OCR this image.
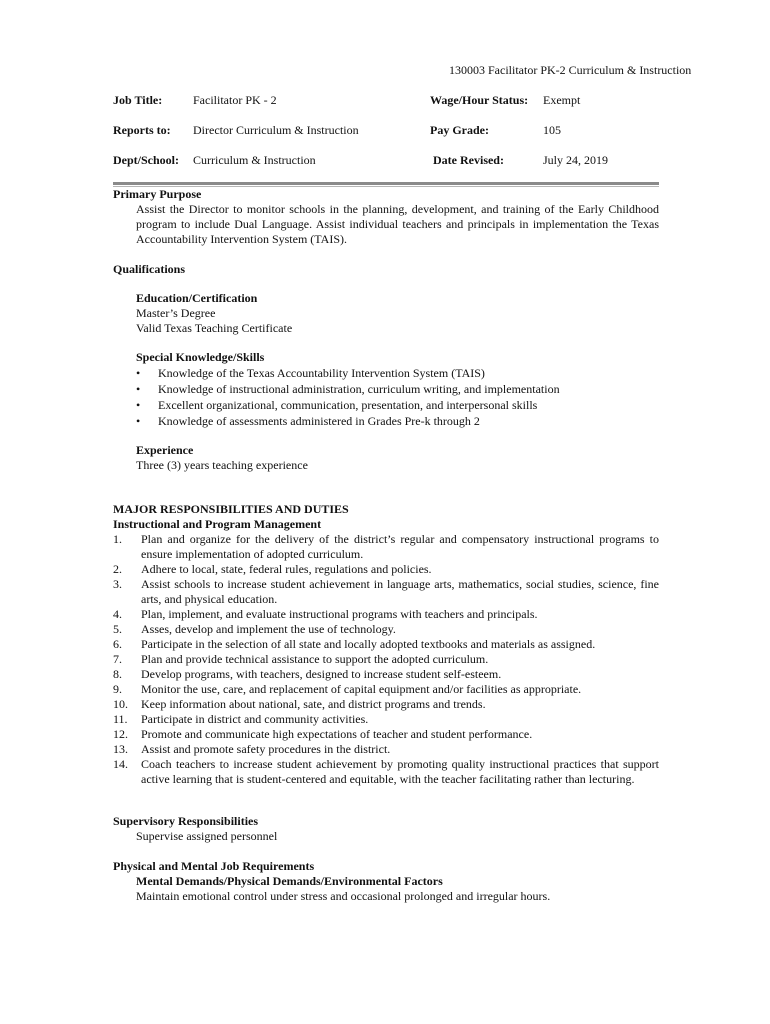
130003 Facilitator PK-2 Curriculum & Instruction
Job Title:	Facilitator PK - 2	Wage/Hour Status: Exempt
Reports to: Director Curriculum & Instruction	Pay Grade:	105
Dept/School: Curriculum & Instruction	Date Revised:	July 24, 2019

Primary Purpose

Assist the Director to monitor schools in the planning, development, and training of the Early Childhood program to include Dual Language. Assist individual teachers and principals in implementation the Texas Accountability Intervention System (TAIS).

Qualifications

Education/Certification

Master’s Degree

Valid Texas Teaching Certificate

Special Knowledge/Skills

• Knowledge of the Texas Accountability Intervention System (TAIS)
• Knowledge of instructional administration, curriculum writing, and implementation
• Excellent organizational, communication, presentation, and interpersonal skills
• Knowledge of assessments administered in Grades Pre-k through 2

Experience

Three (3) years teaching experience

MAJOR RESPONSIBILITIES AND DUTIES

Instructional and Program Management

1. Plan and organize for the delivery of the district’s regular and compensatory instructional programs to ensure implementation of adopted curriculum.
2. Adhere to local, state, federal rules, regulations and policies.
3. Assist schools to increase student achievement in language arts, mathematics, social studies, science, fine arts, and physical education.
4. Plan, implement, and evaluate instructional programs with teachers and principals.
5. Asses, develop and implement the use of technology.
6. Participate in the selection of all state and locally adopted textbooks and materials as assigned.
7. Plan and provide technical assistance to support the adopted curriculum.
8. Develop programs, with teachers, designed to increase student self-esteem.
9. Monitor the use, care, and replacement of capital equipment and/or facilities as appropriate.
10. Keep information about national, sate, and district programs and trends.
11. Participate in district and community activities.
12. Promote and communicate high expectations of teacher and student performance.
13. Assist and promote safety procedures in the district.
14. Coach teachers to increase student achievement by promoting quality instructional practices that support active learning that is student-centered and equitable, with the teacher facilitating rather than lecturing.

Supervisory Responsibilities

Supervise assigned personnel

Physical and Mental Job Requirements

Mental Demands/Physical Demands/Environmental Factors

Maintain emotional control under stress and occasional prolonged and irregular hours.
